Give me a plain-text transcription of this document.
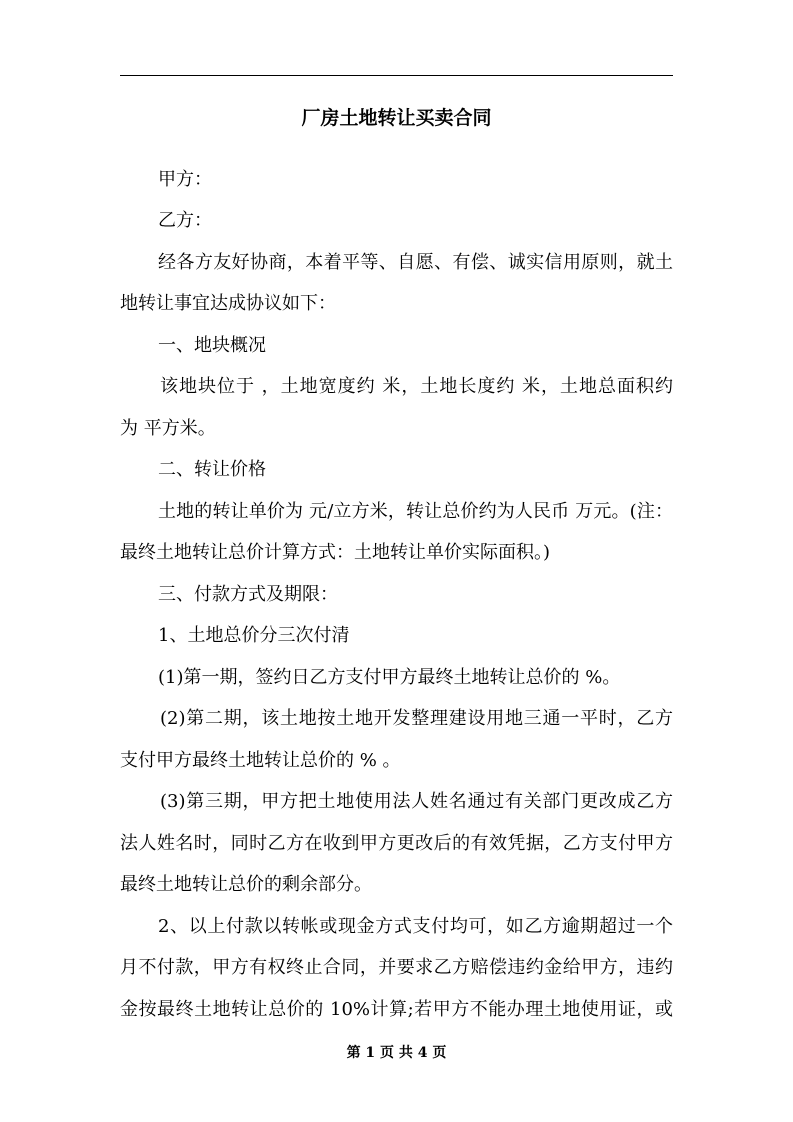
厂房土地转让买卖合同

甲方：

乙方：

经各方友好协商，本着平等、自愿、有偿、诚实信用原则，就土

地转让事宜达成协议如下：

一、地块概况

该地块位于 ，土地宽度约 米，土地长度约 米，土地总面积约

为 平方米。

二、转让价格

土地的转让单价为 元/立方米，转让总价约为人民币 万元。(注：

最终土地转让总价计算方式：土地转让单价实际面积。)

三、付款方式及期限：

1、土地总价分三次付清

(1)第一期，签约日乙方支付甲方最终土地转让总价的 %。

(2)第二期，该土地按土地开发整理建设用地三通一平时，乙方

支付甲方最终土地转让总价的 % 。

(3)第三期，甲方把土地使用法人姓名通过有关部门更改成乙方

法人姓名时，同时乙方在收到甲方更改后的有效凭据，乙方支付甲方

最终土地转让总价的剩余部分。

2、以上付款以转帐或现金方式支付均可，如乙方逾期超过一个

月不付款，甲方有权终止合同，并要求乙方赔偿违约金给甲方，违约

金按最终土地转让总价的 10%计算;若甲方不能办理土地使用证，或

第 1 页 共 4 页
